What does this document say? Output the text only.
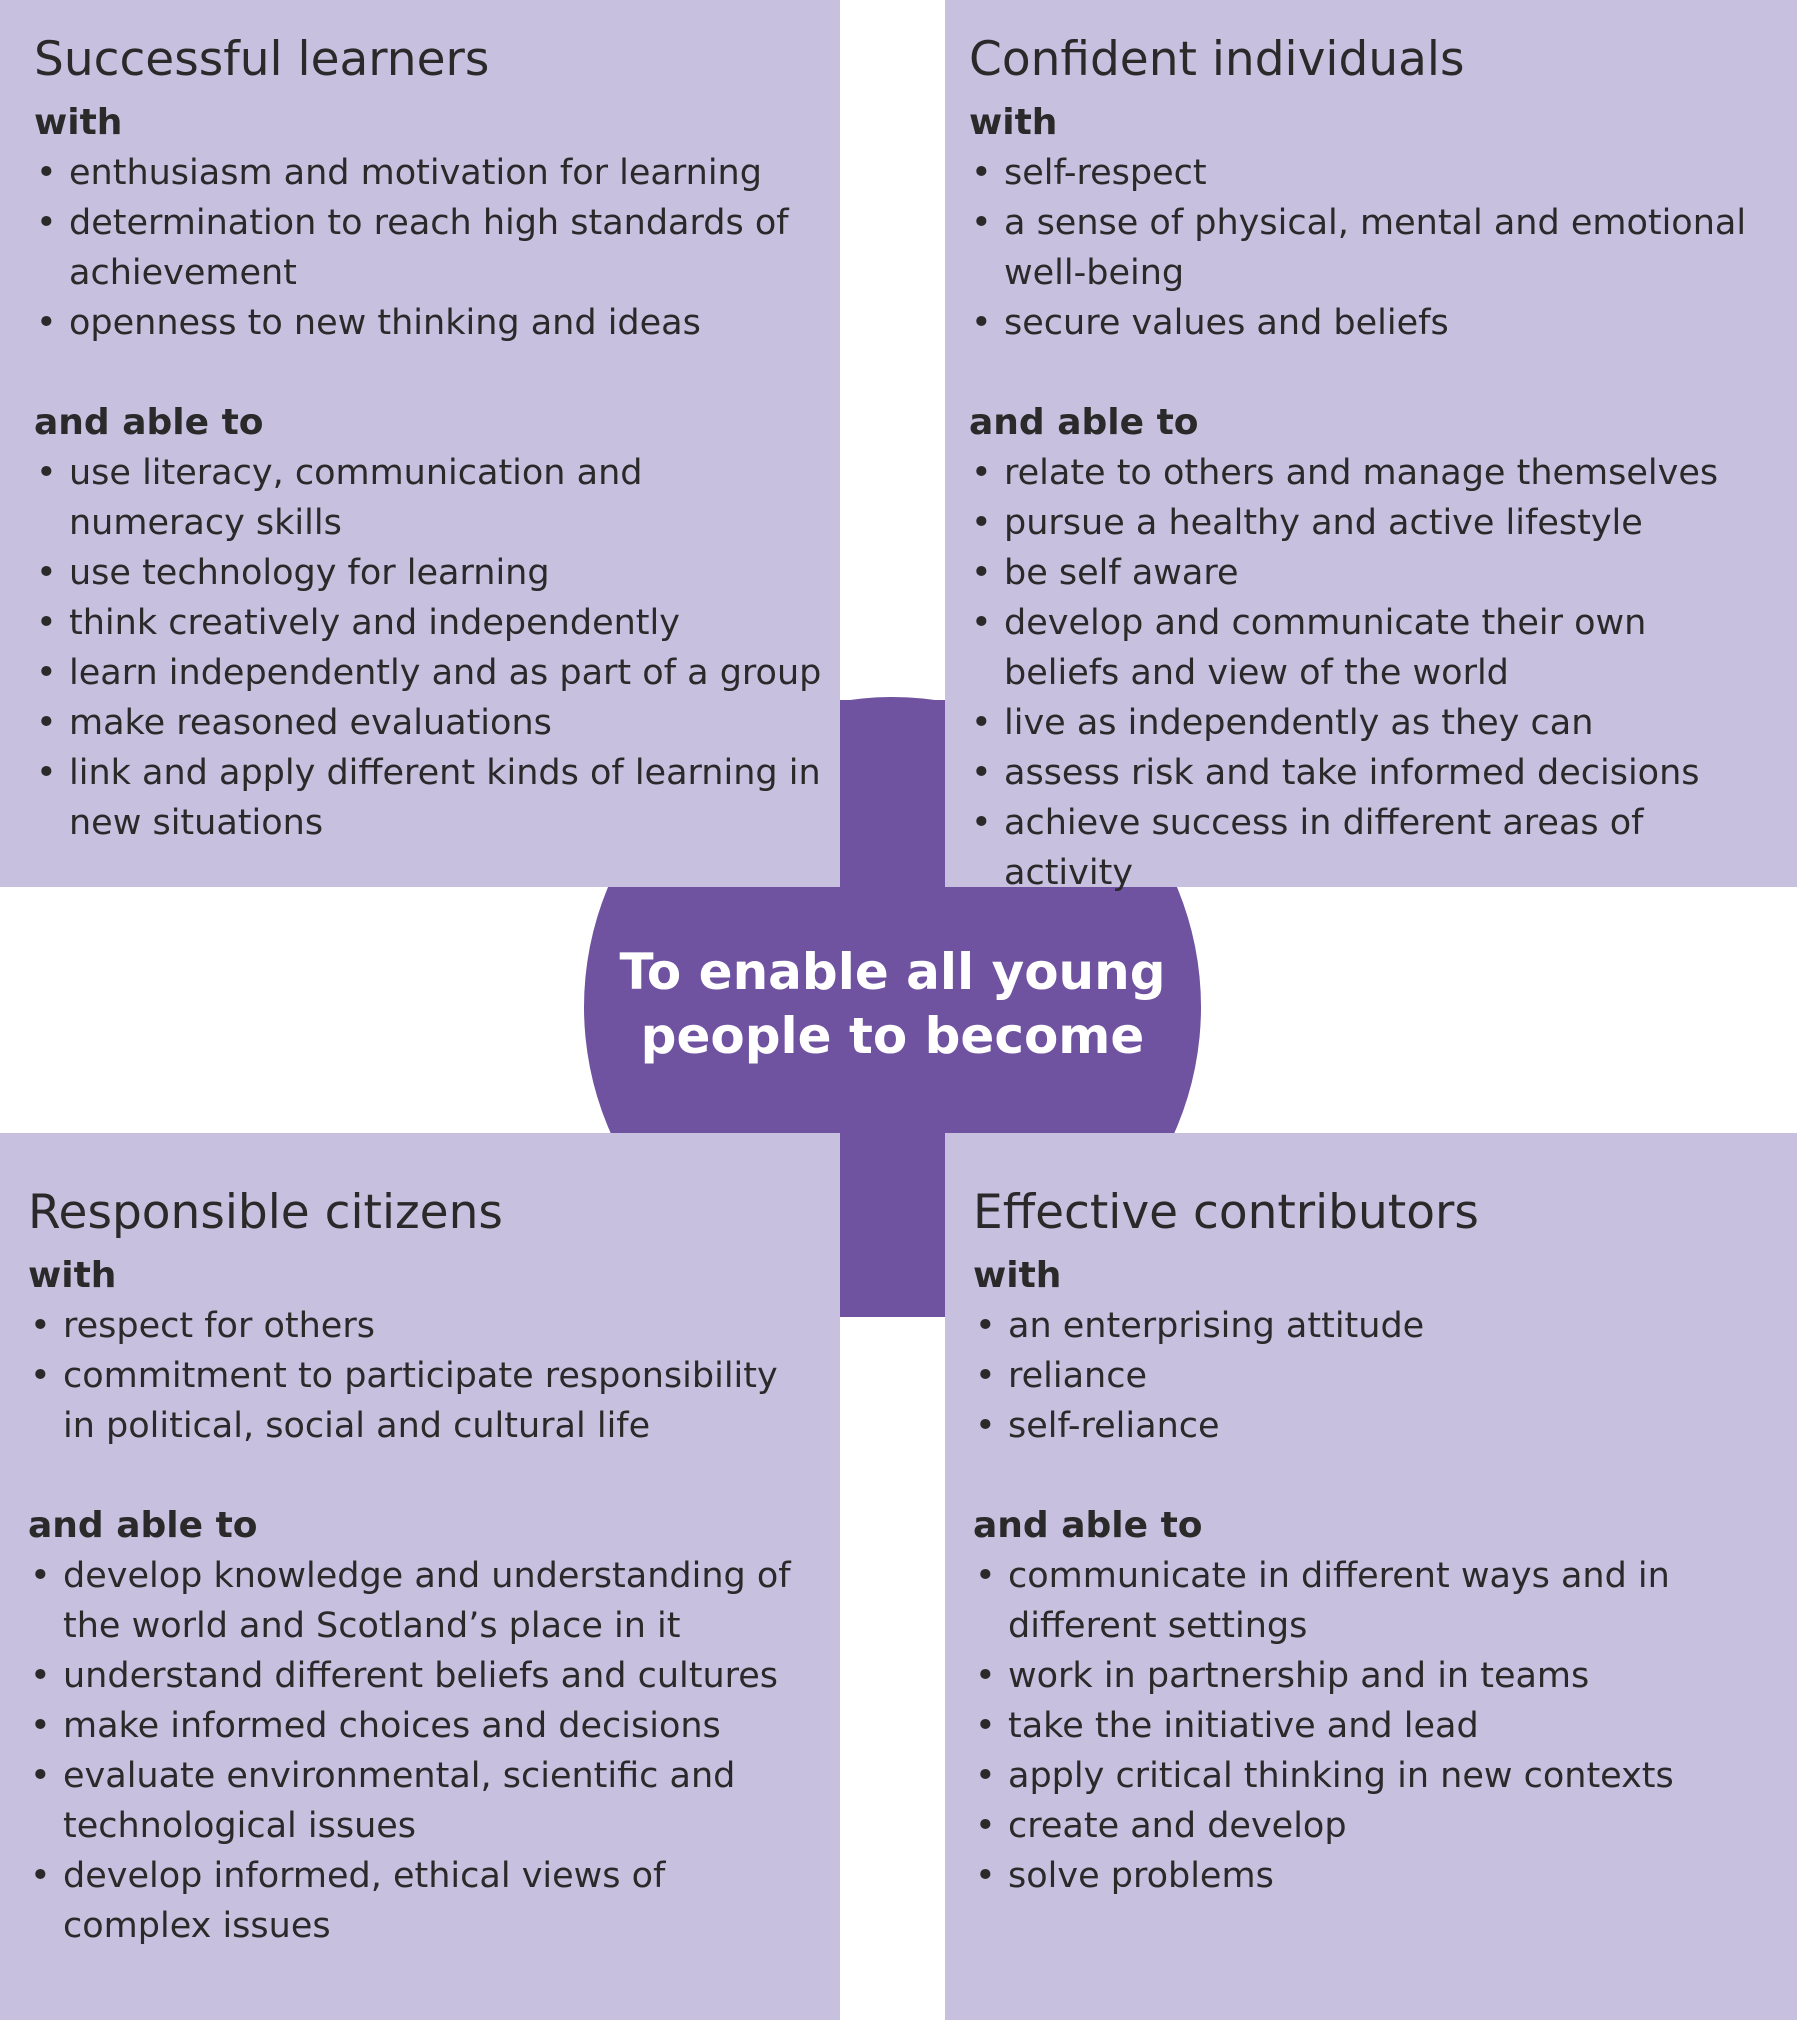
To enable all young
people to become
Successful learners

with

• enthusiasm and motivation for learning
• determination to reach high standards of achievement
• openness to new thinking and ideas

and able to

• use literacy, communication and numeracy skills
• use technology for learning
• think creatively and independently
• learn independently and as part of a group
• make reasoned evaluations
• link and apply different kinds of learning in new situations
Confident individuals

with

• self-respect
• a sense of physical, mental and emotional well-being
• secure values and beliefs

and able to

• relate to others and manage themselves
• pursue a healthy and active lifestyle
• be self aware
• develop and communicate their own beliefs and view of the world
• live as independently as they can
• assess risk and take informed decisions
• achieve success in different areas of activity
Responsible citizens

with

• respect for others
• commitment to participate responsibility in political, social and cultural life

and able to

• develop knowledge and understanding of the world and Scotland’s place in it
• understand different beliefs and cultures
• make informed choices and decisions
• evaluate environmental, scientific and technological issues
• develop informed, ethical views of complex issues
Effective contributors

with

• an enterprising attitude
• reliance
• self-reliance

and able to

• communicate in different ways and in different settings
• work in partnership and in teams
• take the initiative and lead
• apply critical thinking in new contexts
• create and develop
• solve problems
